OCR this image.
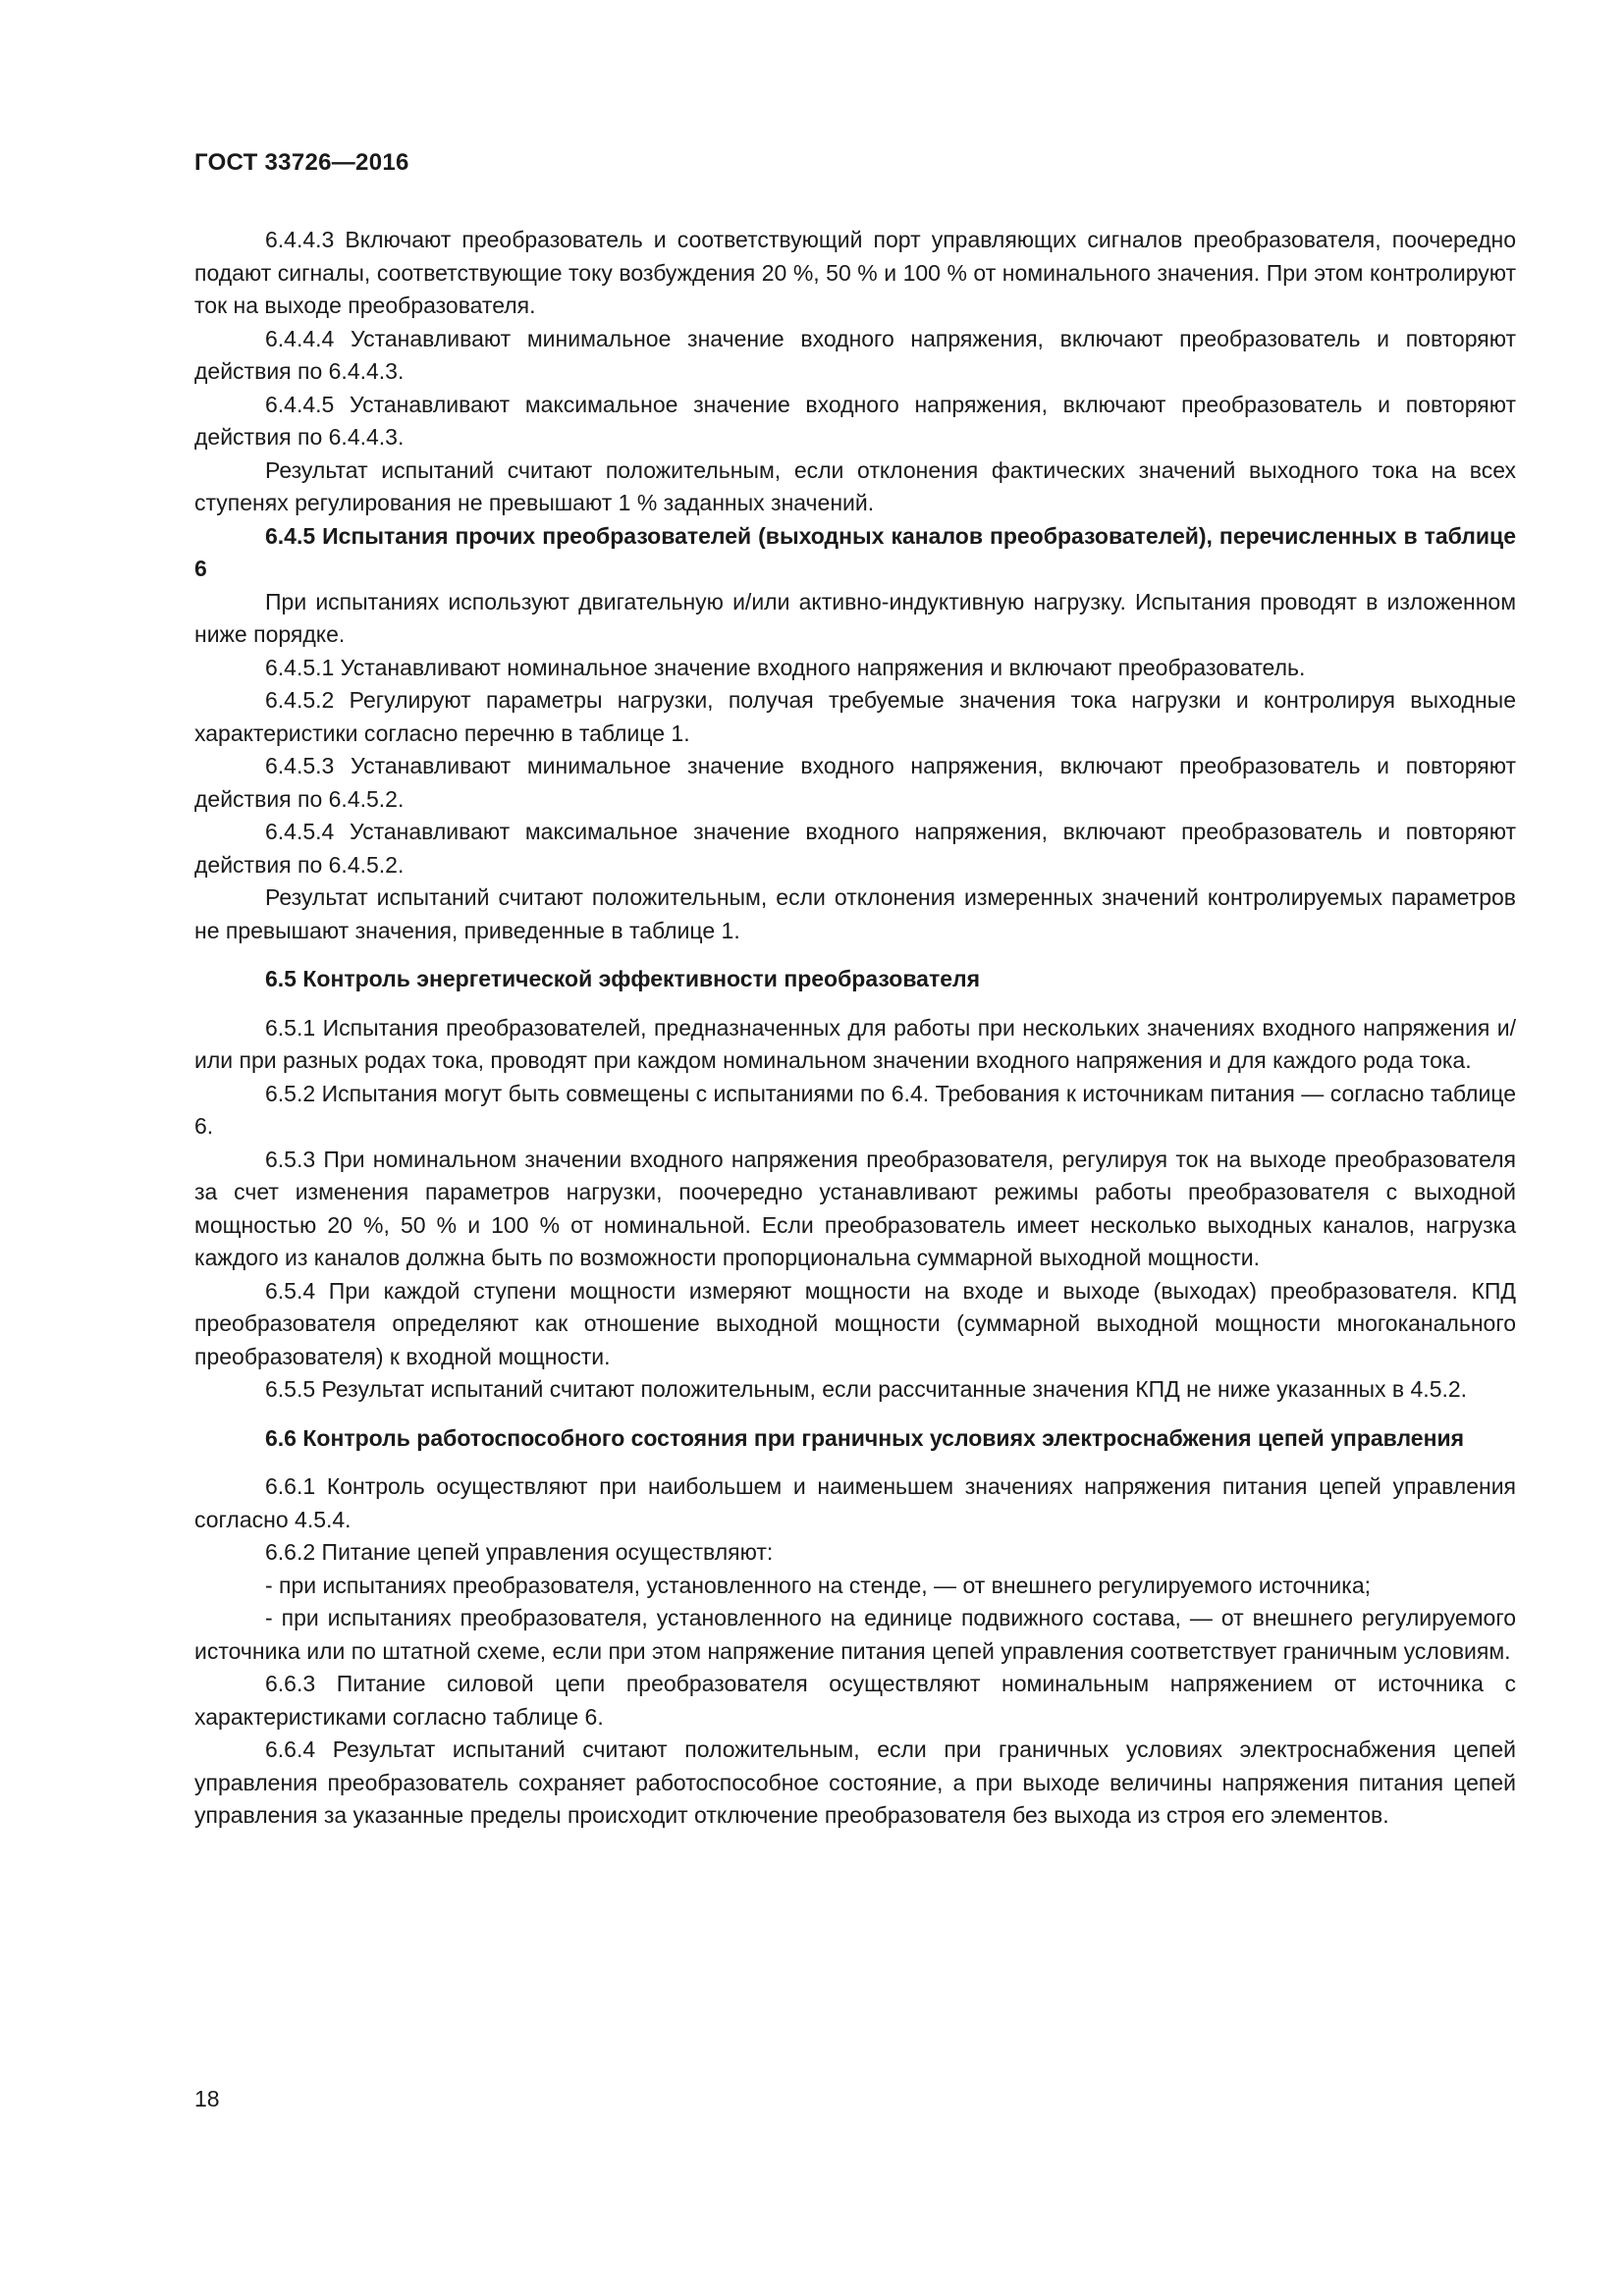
ГОСТ 33726—2016

6.4.4.3 Включают преобразователь и соответствующий порт управляющих сигналов преобразователя, поочередно подают сигналы, соответствующие току возбуждения 20 %, 50 % и 100 % от номинального значения. При этом контролируют ток на выходе преобразователя.

6.4.4.4 Устанавливают минимальное значение входного напряжения, включают преобразователь и повторяют действия по 6.4.4.3.

6.4.4.5 Устанавливают максимальное значение входного напряжения, включают преобразователь и повторяют действия по 6.4.4.3.

Результат испытаний считают положительным, если отклонения фактических значений выходного тока на всех ступенях регулирования не превышают 1 % заданных значений.

6.4.5 Испытания прочих преобразователей (выходных каналов преобразователей), перечисленных в таблице 6

При испытаниях используют двигательную и/или активно-индуктивную нагрузку. Испытания проводят в изложенном ниже порядке.

6.4.5.1 Устанавливают номинальное значение входного напряжения и включают преобразователь.

6.4.5.2 Регулируют параметры нагрузки, получая требуемые значения тока нагрузки и контролируя выходные характеристики согласно перечню в таблице 1.

6.4.5.3 Устанавливают минимальное значение входного напряжения, включают преобразователь и повторяют действия по 6.4.5.2.

6.4.5.4 Устанавливают максимальное значение входного напряжения, включают преобразователь и повторяют действия по 6.4.5.2.

Результат испытаний считают положительным, если отклонения измеренных значений контролируемых параметров не превышают значения, приведенные в таблице 1.

6.5 Контроль энергетической эффективности преобразователя

6.5.1 Испытания преобразователей, предназначенных для работы при нескольких значениях входного напряжения и/или при разных родах тока, проводят при каждом номинальном значении входного напряжения и для каждого рода тока.

6.5.2 Испытания могут быть совмещены с испытаниями по 6.4. Требования к источникам питания — согласно таблице 6.

6.5.3 При номинальном значении входного напряжения преобразователя, регулируя ток на выходе преобразователя за счет изменения параметров нагрузки, поочередно устанавливают режимы работы преобразователя с выходной мощностью 20 %, 50 % и 100 % от номинальной. Если преобразователь имеет несколько выходных каналов, нагрузка каждого из каналов должна быть по возможности пропорциональна суммарной выходной мощности.

6.5.4 При каждой ступени мощности измеряют мощности на входе и выходе (выходах) преобразователя. КПД преобразователя определяют как отношение выходной мощности (суммарной выходной мощности многоканального преобразователя) к входной мощности.

6.5.5 Результат испытаний считают положительным, если рассчитанные значения КПД не ниже указанных в 4.5.2.

6.6 Контроль работоспособного состояния при граничных условиях электроснабжения цепей управления

6.6.1 Контроль осуществляют при наибольшем и наименьшем значениях напряжения питания цепей управления согласно 4.5.4.

6.6.2 Питание цепей управления осуществляют:

- при испытаниях преобразователя, установленного на стенде, — от внешнего регулируемого источника;

- при испытаниях преобразователя, установленного на единице подвижного состава, — от внешнего регулируемого источника или по штатной схеме, если при этом напряжение питания цепей управления соответствует граничным условиям.

6.6.3 Питание силовой цепи преобразователя осуществляют номинальным напряжением от источника с характеристиками согласно таблице 6.

6.6.4 Результат испытаний считают положительным, если при граничных условиях электроснабжения цепей управления преобразователь сохраняет работоспособное состояние, а при выходе величины напряжения питания цепей управления за указанные пределы происходит отключение преобразователя без выхода из строя его элементов.

18
